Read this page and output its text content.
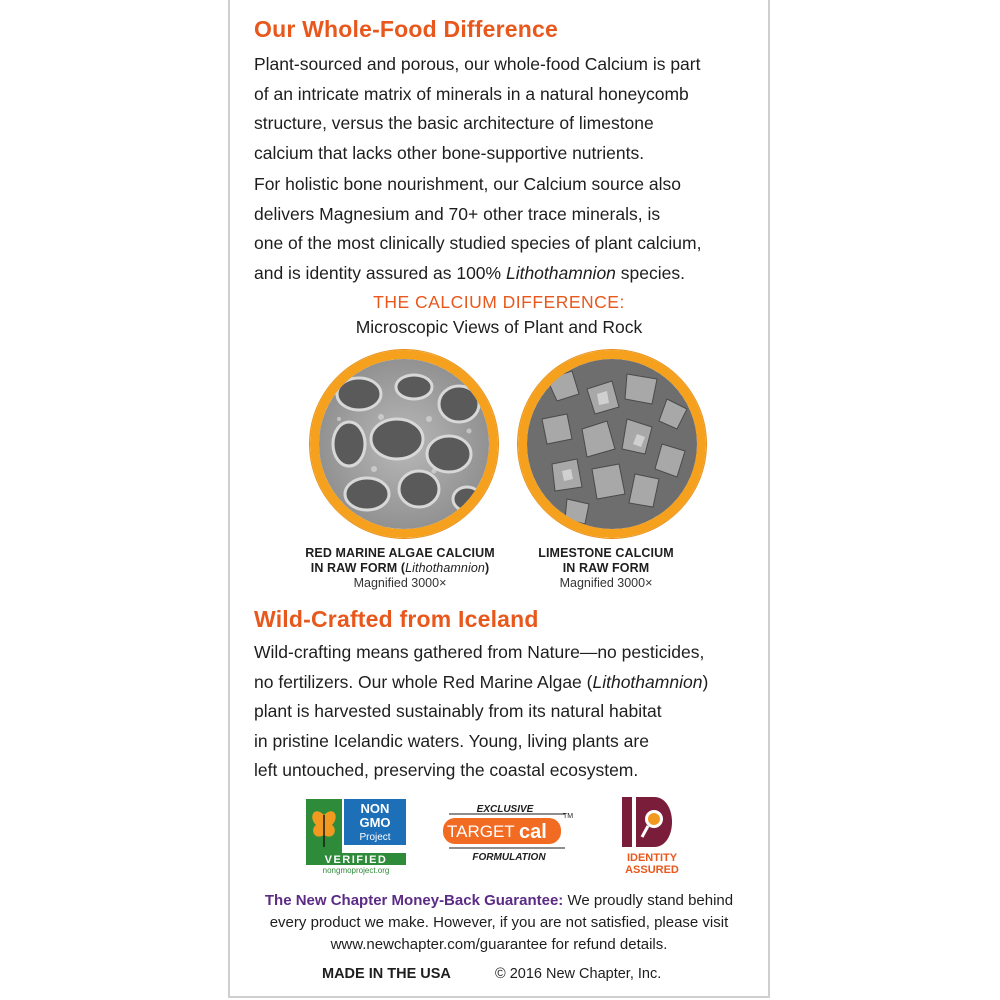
Our Whole-Food Difference

Plant-sourced and porous, our whole-food Calcium is part
of an intricate matrix of minerals in a natural honeycomb
structure, versus the basic architecture of limestone
calcium that lacks other bone-supportive nutrients.

For holistic bone nourishment, our Calcium source also
delivers Magnesium and 70+ other trace minerals, is
one of the most clinically studied species of plant calcium,
and is identity assured as 100% Lithothamnion species.

THE CALCIUM DIFFERENCE:
Microscopic Views of Plant and Rock
RED MARINE ALGAE CALCIUM
IN RAW FORM (Lithothamnion)
Magnified 3000×
LIMESTONE CALCIUM
IN RAW FORM
Magnified 3000×
Wild-Crafted from Iceland

Wild-crafting means gathered from Nature—no pesticides,
no fertilizers. Our whole Red Marine Algae (Lithothamnion)
plant is harvested sustainably from its natural habitat
in pristine Icelandic waters. Young, living plants are
left untouched, preserving the coastal ecosystem.

NON
GMO
Project
VERIFIED
nongmoproject.org
EXCLUSIVE
TARGET cal
TM
FORMULATION	IDENTITY
ASSURED

The New Chapter Money-Back Guarantee: We proudly stand behind
every product we make. However, if you are not satisfied, please visit
www.newchapter.com/guarantee for refund details.

MADE IN THE USA	© 2016 New Chapter, Inc.
